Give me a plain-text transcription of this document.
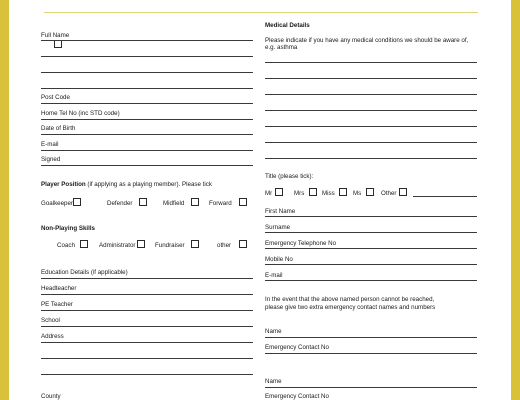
Full Name
Post Code
Home Tel No (inc STD code)
Date of Birth
E-mail
Signed
Player Position (if applying as a playing member). Please tick
Goalkeeper	Defender	Midfield	Forward
Non-Playing Skills
Coach	Administrator	Fundraiser	other
Education Details (if applicable)
Headteacher
PE Teacher
School
Address
County
Medical Details
Please indicate if you have any medical conditions we should be aware of,
e.g. asthma
Title (please tick):
Mr	Mrs	Miss	Ms	Other
First Name
Surname
Emergency Telephone No
Mobile No
E-mail
In the event that the above named person cannot be reached,
please give two extra emergency contact names and numbers
Name
Emergency Contact No
Name
Emergency Contact No
